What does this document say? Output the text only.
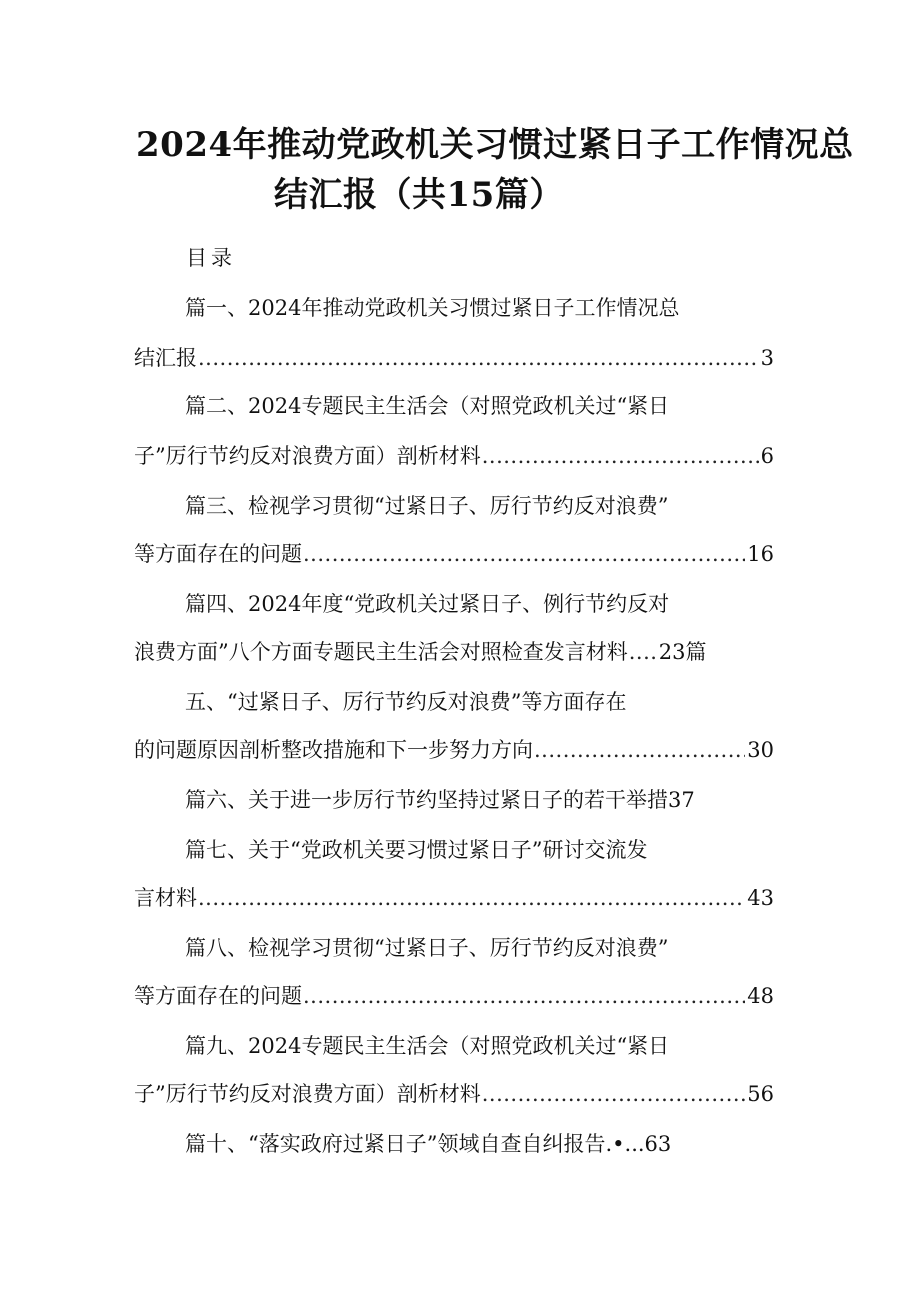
2024年推动党政机关习惯过紧日子工作情况总
结汇报（共15篇）
目录
篇一、2024年推动党政机关习惯过紧日子工作情况总
结汇报 .....	3
篇二、2024专题民主生活会（对照党政机关过“紧日
子”厉行节约反对浪费方面）剖析材料 .....	6
篇三、检视学习贯彻“过紧日子、厉行节约反对浪费”
等方面存在的问题 .....	16
篇四、2024年度“党政机关过紧日子、例行节约反对
浪费方面”八个方面专题民主生活会对照检查发言材料 ..... 23篇
五、“过紧日子、厉行节约反对浪费”等方面存在
的问题原因剖析整改措施和下一步努力方向 .....	30
篇六、关于进一步厉行节约坚持过紧日子的若干举措37
篇七、关于“党政机关要习惯过紧日子”研讨交流发
言材料 .....	43
篇八、检视学习贯彻“过紧日子、厉行节约反对浪费”
等方面存在的问题 .....	48
篇九、2024专题民主生活会（对照党政机关过“紧日
子”厉行节约反对浪费方面）剖析材料 .....	56
篇十、“落实政府过紧日子”领域自查自纠报告.•...63
